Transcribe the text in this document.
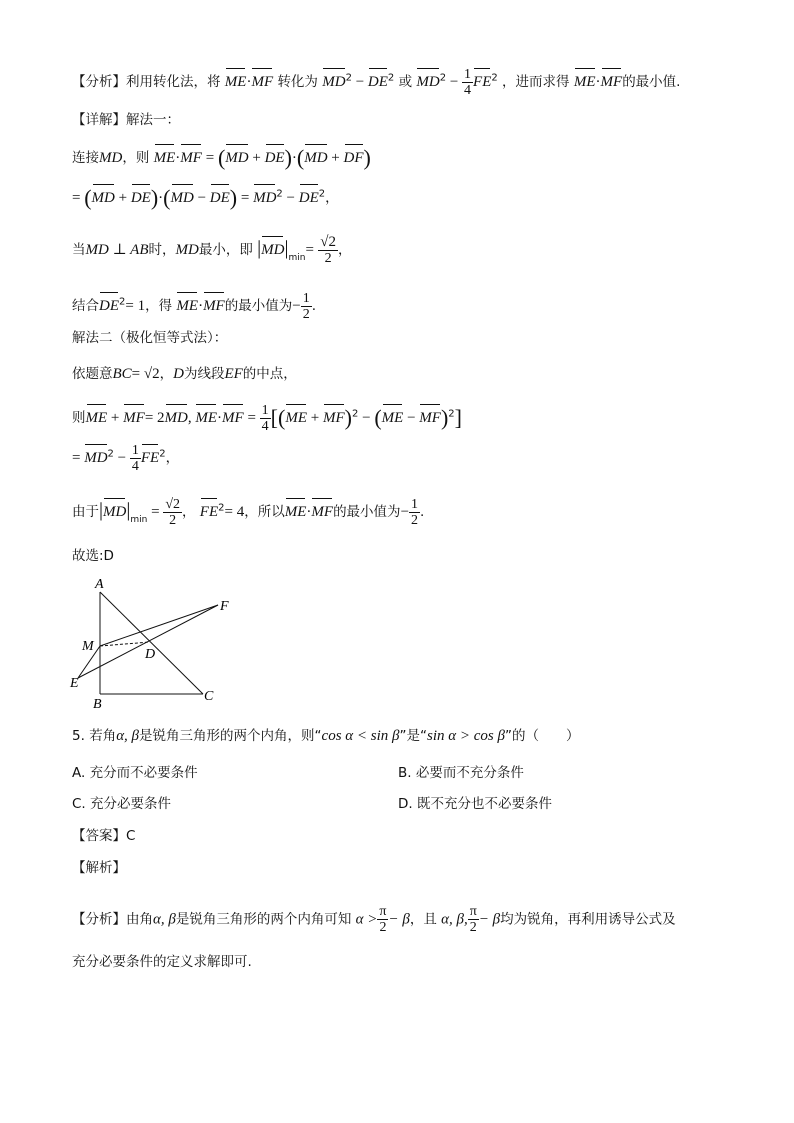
【分析】利用转化法，将 ME·MF 转化为 $MD^2 - DE^2$ 或 $MD^2 - \frac{1}{4} FE^2$ ，进而求得 ME·MF的最小值.
【详解】解法一：
连接MD，则 ME·MF = (MD + DE)·(MD + DF)
= $(MD + DE)\cdot(MD - DE) = MD^2 - DE^2$，
当MD ⊥ AB时，MD最小，即 $|MD|_{min}= \frac{√2}{2}$ ，
结合$DE^2= 1$，得 ME·MF的最小值为− $\frac{1}{2}$ .
解法二（极化恒等式法）：
依题意BC= √2，D为线段EF的中点，
则ME + MF= 2MD, $ME\cdot MF = \frac{1}{4} [(ME + MF)^2 - (ME - MF)^2]$
= $MD^2 - \frac{1}{4} FE^2$，
由于$|MD|_{min} = \frac{√2}{2}$ ， $FE^2= 4$，所以ME·MF的最小值为− $\frac{1}{2}$ .
故选:D
A
F
M
D
E
B
C
5. 若角α, β是锐角三角形的两个内角，则“cos α < sin β”是“sin α > cos β”的（　　）
A. 充分而不必要条件	B. 必要而不充分条件
C. 充分必要条件	D. 既不充分也不必要条件
【答案】C
【解析】
【分析】由角α, β是锐角三角形的两个内角可知 $\alpha > \frac{\pi}{2} - \beta$，且 α, β, $\frac{\pi}{2} - \beta$均为锐角，再利用诱导公式及
充分必要条件的定义求解即可.
